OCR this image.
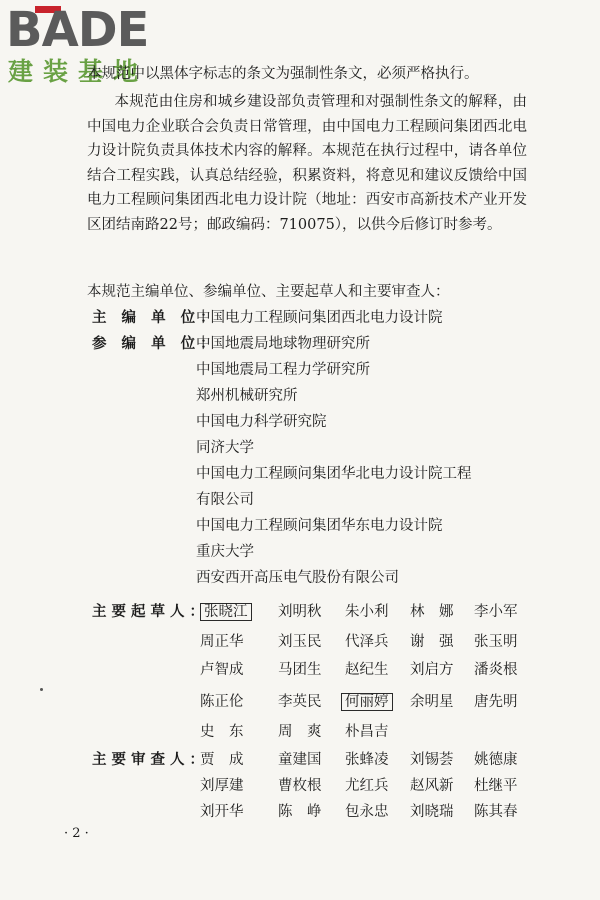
BADE
建装基地
本规范中以黑体字标志的条文为强制性条文，必须严格执行。
本规范由住房和城乡建设部负责管理和对强制性条文的解释，由中国电力企业联合会负责日常管理，由中国电力工程顾问集团西北电力设计院负责具体技术内容的解释。本规范在执行过程中，请各单位结合工程实践，认真总结经验，积累资料，将意见和建议反馈给中国电力工程顾问集团西北电力设计院（地址：西安市高新技术产业开发区团结南路22号；邮政编码：710075），以供今后修订时参考。
本规范主编单位、参编单位、主要起草人和主要审查人：
主 编 单 位：
中国电力工程顾问集团西北电力设计院
参 编 单 位：
中国地震局地球物理研究所
中国地震局工程力学研究所
郑州机械研究所
中国电力科学研究院
同济大学
中国电力工程顾问集团华北电力设计院工程
有限公司
中国电力工程顾问集团华东电力设计院
重庆大学
西安西开高压电气股份有限公司
主要起草人：
张晓江 刘明秋 朱小利 林　娜 李小军
周正华 刘玉民 代泽兵 谢　强 张玉明
卢智成 马团生 赵纪生 刘启方 潘炎根
陈正伦 李英民 何丽婷 余明星 唐先明
史　东 周　爽 朴昌吉
主要审查人：
贾　成 童建国 张蜂凌 刘锡荟 姚德康
刘厚建 曹枚根 尤红兵 赵风新 杜继平
刘开华 陈　峥 包永忠 刘晓瑞 陈其春
· 2 ·
